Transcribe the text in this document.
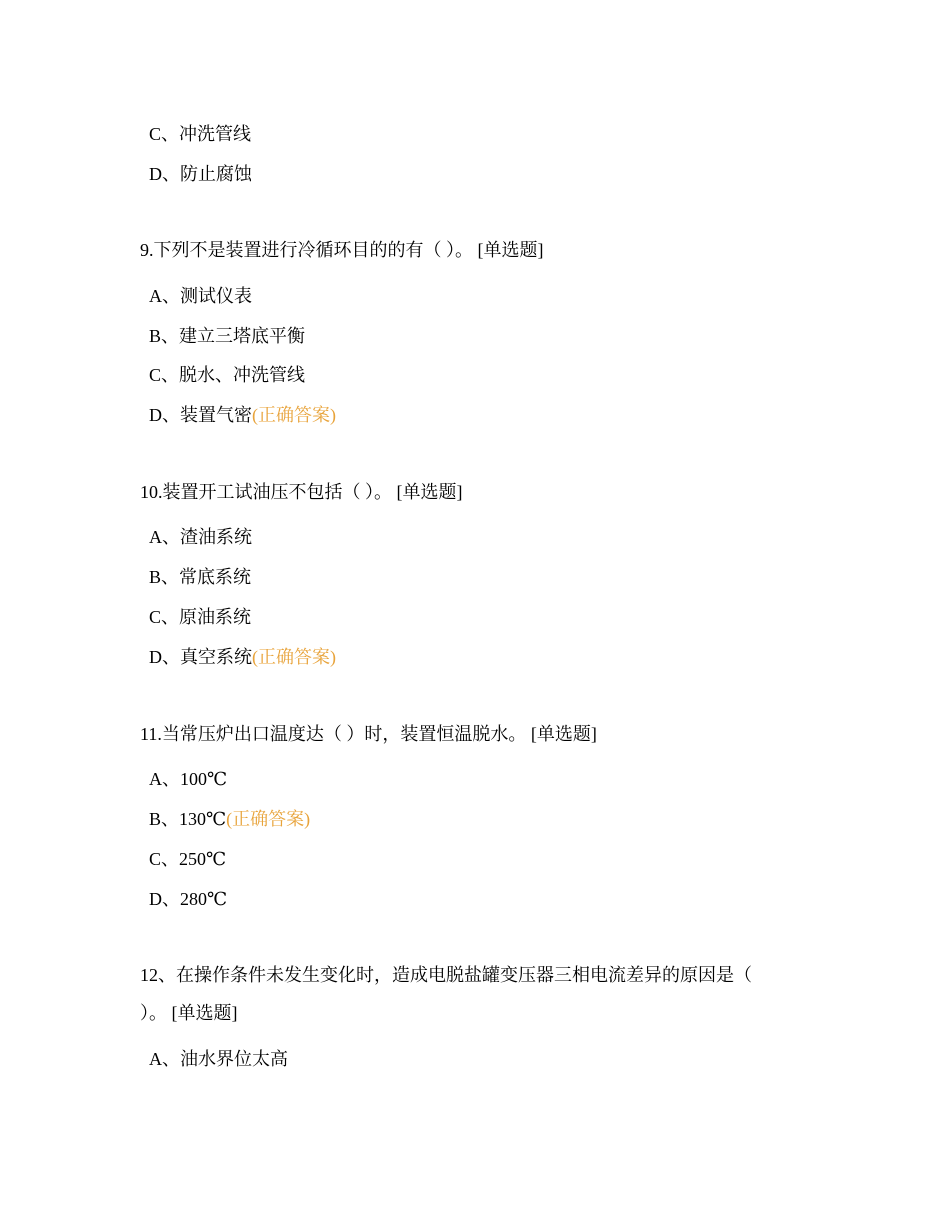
C、冲洗管线
D、防止腐蚀
9.下列不是装置进行冷循环目的的有（ ）。 [单选题]
A、测试仪表
B、建立三塔底平衡
C、脱水、冲洗管线
D、装置气密(正确答案)
10.装置开工试油压不包括（ ）。 [单选题]
A、渣油系统
B、常底系统
C、原油系统
D、真空系统(正确答案)
11.当常压炉出口温度达（ ）时，装置恒温脱水。 [单选题]
A、100℃
B、130℃(正确答案)
C、250℃
D、280℃
12、在操作条件未发生变化时，造成电脱盐罐变压器三相电流差异的原因是（
）。 [单选题]
A、油水界位太高
